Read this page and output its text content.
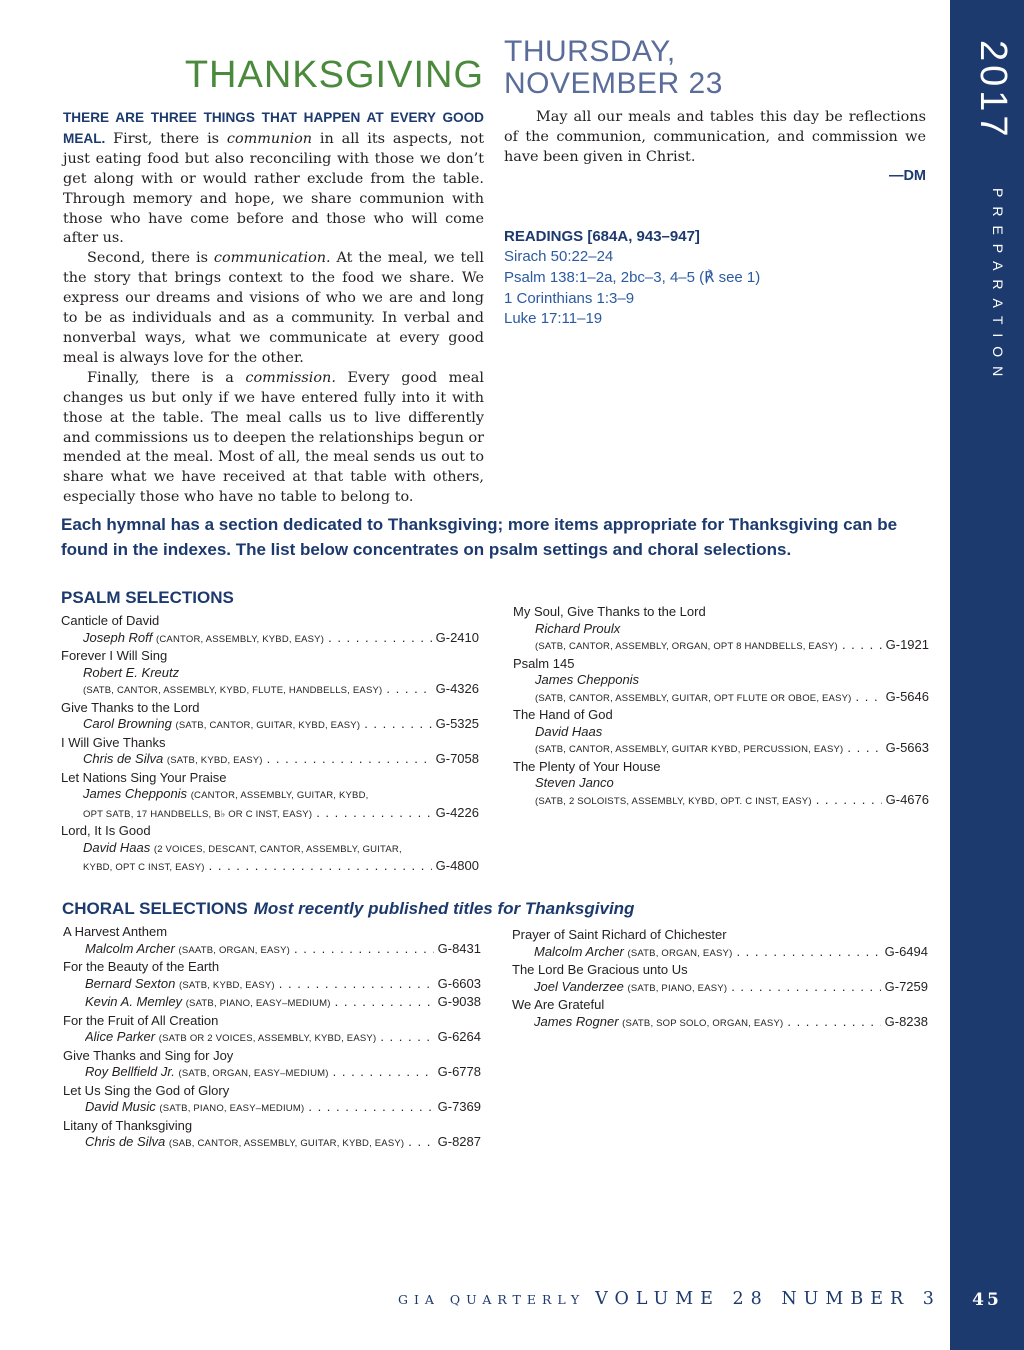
2017
PREPARATION
45
THANKSGIVING
THURSDAY,
NOVEMBER 23

THERE ARE THREE THINGS THAT HAPPEN AT EVERY GOOD MEAL. First, there is communion in all its aspects, not just eating food but also reconciling with those we don’t get along with or would rather exclude from the table. Through memory and hope, we share communion with those who have come before and those who will come after us.

Second, there is communication. At the meal, we tell the story that brings context to the food we share. We express our dreams and visions of who we are and long to be as individuals and as a community. In verbal and nonverbal ways, what we communicate at every good meal is always love for the other.

Finally, there is a commission. Every good meal changes us but only if we have entered fully into it with those at the table. The meal calls us to live differently and commissions us to deepen the relationships begun or mended at the meal. Most of all, the meal sends us out to share what we have received at that table with others, especially those who have no table to belong to.

May all our meals and tables this day be reflections of the communion, communication, and commission we have been given in Christ.

—DM
READINGS [684A, 943–947]
Sirach 50:22–24
Psalm 138:1–2a, 2bc–3, 4–5 (℟ see 1)
1 Corinthians 1:3–9
Luke 17:11–19
Each hymnal has a section dedicated to Thanksgiving; more items appropriate for Thanksgiving can be found in the indexes. The list below concentrates on psalm settings and choral selections.
PSALM SELECTIONS
Canticle of David
Joseph Roff (CANTOR, ASSEMBLY, KYBD, EASY) . . .	G-2410
Forever I Will Sing
Robert E. Kreutz
(SATB, CANTOR, ASSEMBLY, KYBD, FLUTE, HANDBELLS, EASY) . . .	G-4326
Give Thanks to the Lord
Carol Browning (SATB, CANTOR, GUITAR, KYBD, EASY) . . .	G-5325
I Will Give Thanks
Chris de Silva (SATB, KYBD, EASY) . . .	G-7058
Let Nations Sing Your Praise
James Chepponis (CANTOR, ASSEMBLY, GUITAR, KYBD,
OPT SATB, 17 HANDBELLS, B♭ OR C INST, EASY) . . .	G-4226
Lord, It Is Good
David Haas (2 VOICES, DESCANT, CANTOR, ASSEMBLY, GUITAR,
KYBD, OPT C INST, EASY) . . .	G-4800
My Soul, Give Thanks to the Lord
Richard Proulx
(SATB, CANTOR, ASSEMBLY, ORGAN, OPT 8 HANDBELLS, EASY) . . .	G-1921
Psalm 145
James Chepponis
(SATB, CANTOR, ASSEMBLY, GUITAR, OPT FLUTE OR OBOE, EASY) . . .	G-5646
The Hand of God
David Haas
(SATB, CANTOR, ASSEMBLY, GUITAR KYBD, PERCUSSION, EASY) . . .	G-5663
The Plenty of Your House
Steven Janco
(SATB, 2 SOLOISTS, ASSEMBLY, KYBD, OPT. C INST, EASY) . . .	G-4676
CHORAL SELECTIONS Most recently published titles for Thanksgiving
A Harvest Anthem
Malcolm Archer (SAATB, ORGAN, EASY) . . .	G-8431
For the Beauty of the Earth
Bernard Sexton (SATB, KYBD, EASY) . . .	G-6603
Kevin A. Memley (SATB, PIANO, EASY–MEDIUM) . . .	G-9038
For the Fruit of All Creation
Alice Parker (SATB OR 2 VOICES, ASSEMBLY, KYBD, EASY) . . .	G-6264
Give Thanks and Sing for Joy
Roy Bellfield Jr. (SATB, ORGAN, EASY–MEDIUM) . . .	G-6778
Let Us Sing the God of Glory
David Music (SATB, PIANO, EASY–MEDIUM) . . .	G-7369
Litany of Thanksgiving
Chris de Silva (SAB, CANTOR, ASSEMBLY, GUITAR, KYBD, EASY) . . .	G-8287
Prayer of Saint Richard of Chichester
Malcolm Archer (SATB, ORGAN, EASY) . . .	G-6494
The Lord Be Gracious unto Us
Joel Vanderzee (SATB, PIANO, EASY) . . .	G-7259
We Are Grateful
James Rogner (SATB, SOP SOLO, ORGAN, EASY) . . .	G-8238
GIA QUARTERLY VOLUME 28 NUMBER 3
